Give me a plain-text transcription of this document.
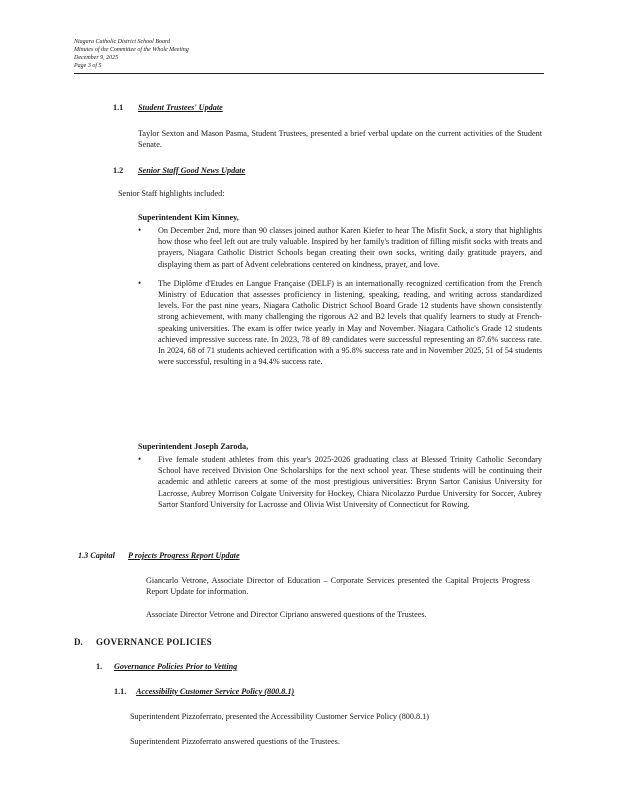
Niagara Catholic District School Board
Minutes of the Committee of the Whole Meeting
December 9, 2025
Page 3 of 5
1.1 Student Trustees' Update
Taylor Sexton and Mason Pasma, Student Trustees, presented a brief verbal update on the current activities of the Student Senate.
1.2 Senior Staff Good News Update
Senior Staff highlights included:
Superintendent Kim Kinney,
• On December 2nd, more than 90 classes joined author Karen Kiefer to hear The Misfit Sock, a story that highlights how those who feel left out are truly valuable. Inspired by her family's tradition of filling misfit socks with treats and prayers, Niagara Catholic District Schools began creating their own socks, writing daily gratitude prayers, and displaying them as part of Advent celebrations centered on kindness, prayer, and love.
• The Diplôme d'Etudes en Langue Française (DELF) is an internationally recognized certification from the French Ministry of Education that assesses proficiency in listening, speaking, reading, and writing across standardized levels. For the past nine years, Niagara Catholic District School Board Grade 12 students have shown consistently strong achievement, with many challenging the rigorous A2 and B2 levels that qualify learners to study at French-speaking universities. The exam is offer twice yearly in May and November. Niagara Catholic's Grade 12 students achieved impressive success rate. In 2023, 78 of 89 candidates were successful representing an 87.6% success rate. In 2024, 68 of 71 students achieved certification with a 95.8% success rate and in November 2025, 51 of 54 students were successful, resulting in a 94.4% success rate.
Superintendent Joseph Zaroda,
• Five female student athletes from this year's 2025-2026 graduating class at Blessed Trinity Catholic Secondary School have received Division One Scholarships for the next school year. These students will be continuing their academic and athletic careers at some of the most prestigious universities: Brynn Sartor Canisius University for Lacrosse, Aubrey Morrison Colgate University for Hockey, Chiara Nicolazzo Purdue University for Soccer, Aubrey Sartor Stanford University for Lacrosse and Olivia Wist University of Connecticut for Rowing.
1.3 Capital P rojects Progress Report Update
Giancarlo Vetrone, Associate Director of Education – Corporate Services presented the Capital Projects Progress Report Update for information.
Associate Director Vetrone and Director Cipriano answered questions of the Trustees.
D. GOVERNANCE POLICIES
1. Governance Policies Prior to Vetting
1.1. Accessibility Customer Service Policy (800.8.1)
Superintendent Pizzoferrato, presented the Accessibility Customer Service Policy (800.8.1)
Superintendent Pizzoferrato answered questions of the Trustees.
